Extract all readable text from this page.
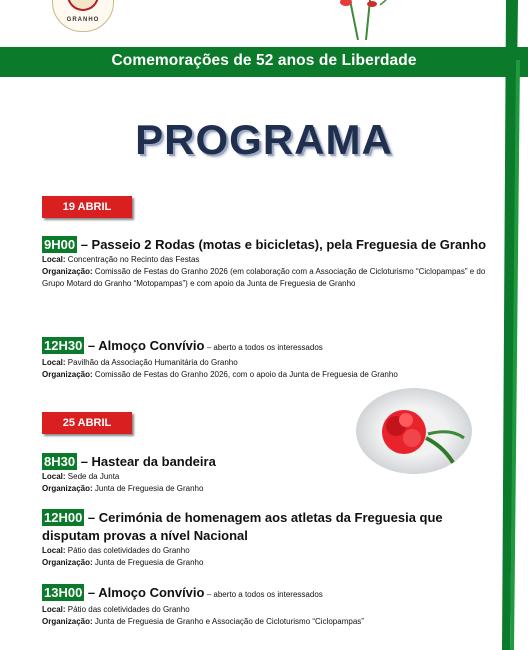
GRANHO
Comemorações de 52 anos de Liberdade
PROGRAMA
19 ABRIL
9H00 – Passeio 2 Rodas (motas e bicicletas), pela Freguesia de Granho
Local: Concentração no Recinto das Festas
Organização: Comissão de Festas do Granho 2026 (em colaboração com a Associação de Cicloturismo “Ciclopampas” e do Grupo Motard do Granho “Motopampas”) e com apoio da Junta de Freguesia de Granho
12H30 – Almoço Convívio – aberto a todos os interessados
Local: Pavilhão da Associação Humanitária do Granho
Organização: Comissão de Festas do Granho 2026, com o apoio da Junta de Freguesia de Granho
25 ABRIL
8H30 – Hastear da bandeira
Local: Sede da Junta
Organização: Junta de Freguesia de Granho
12H00 – Cerimónia de homenagem aos atletas da Freguesia que disputam provas a nível Nacional
Local: Pátio das coletividades do Granho
Organização: Junta de Freguesia de Granho
13H00 – Almoço Convívio – aberto a todos os interessados
Local: Pátio das coletividades do Granho
Organização: Junta de Freguesia de Granho e Associação de Cicloturismo “Ciclopampas”
